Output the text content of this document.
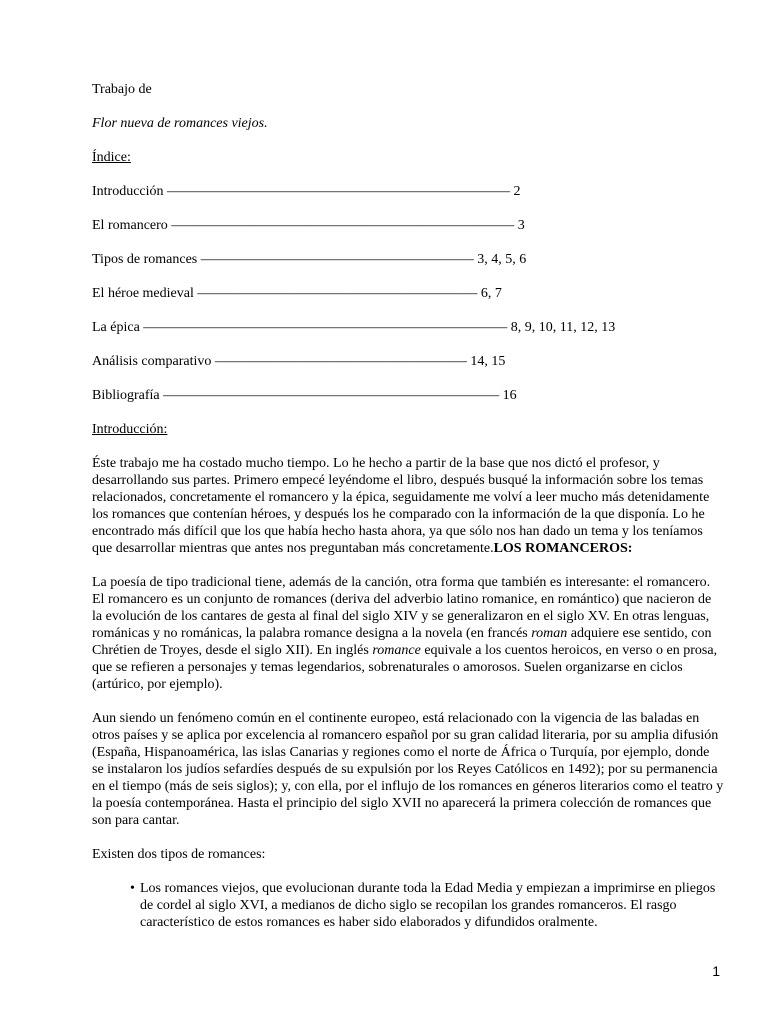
Trabajo de
Flor nueva de romances viejos.
Índice:
Introducción ––––––––––––––––––––––––––––––––––––––––––––––––– 2
El romancero ––––––––––––––––––––––––––––––––––––––––––––––––– 3
Tipos de romances ––––––––––––––––––––––––––––––––––––––– 3, 4, 5, 6
El héroe medieval –––––––––––––––––––––––––––––––––––––––– 6, 7
La épica –––––––––––––––––––––––––––––––––––––––––––––––––––– 8, 9, 10, 11, 12, 13
Análisis comparativo –––––––––––––––––––––––––––––––––––– 14, 15
Bibliografía –––––––––––––––––––––––––––––––––––––––––––––––– 16
Introducción:
Éste trabajo me ha costado mucho tiempo. Lo he hecho a partir de la base que nos dictó el profesor, y desarrollando sus partes. Primero empecé leyéndome el libro, después busqué la información sobre los temas relacionados, concretamente el romancero y la épica, seguidamente me volví a leer mucho más detenidamente los romances que contenían héroes, y después los he comparado con la información de la que disponía. Lo he encontrado más difícil que los que había hecho hasta ahora, ya que sólo nos han dado un tema y los teníamos que desarrollar mientras que antes nos preguntaban más concretamente.LOS ROMANCEROS:
La poesía de tipo tradicional tiene, además de la canción, otra forma que también es interesante: el romancero. El romancero es un conjunto de romances (deriva del adverbio latino romanice, en romántico) que nacieron de la evolución de los cantares de gesta al final del siglo XIV y se generalizaron en el siglo XV. En otras lenguas, románicas y no románicas, la palabra romance designa a la novela (en francés roman adquiere ese sentido, con Chrétien de Troyes, desde el siglo XII). En inglés romance equivale a los cuentos heroicos, en verso o en prosa, que se refieren a personajes y temas legendarios, sobrenaturales o amorosos. Suelen organizarse en ciclos (artúrico, por ejemplo).
Aun siendo un fenómeno común en el continente europeo, está relacionado con la vigencia de las baladas en otros países y se aplica por excelencia al romancero español por su gran calidad literaria, por su amplia difusión (España, Hispanoamérica, las islas Canarias y regiones como el norte de África o Turquía, por ejemplo, donde se instalaron los judíos sefardíes después de su expulsión por los Reyes Católicos en 1492); por su permanencia en el tiempo (más de seis siglos); y, con ella, por el influjo de los romances en géneros literarios como el teatro y la poesía contemporánea. Hasta el principio del siglo XVII no aparecerá la primera colección de romances que son para cantar.
Existen dos tipos de romances:
• Los romances viejos, que evolucionan durante toda la Edad Media y empiezan a imprimirse en pliegos de cordel al siglo XVI, a medianos de dicho siglo se recopilan los grandes romanceros. El rasgo característico de estos romances es haber sido elaborados y difundidos oralmente.
1
